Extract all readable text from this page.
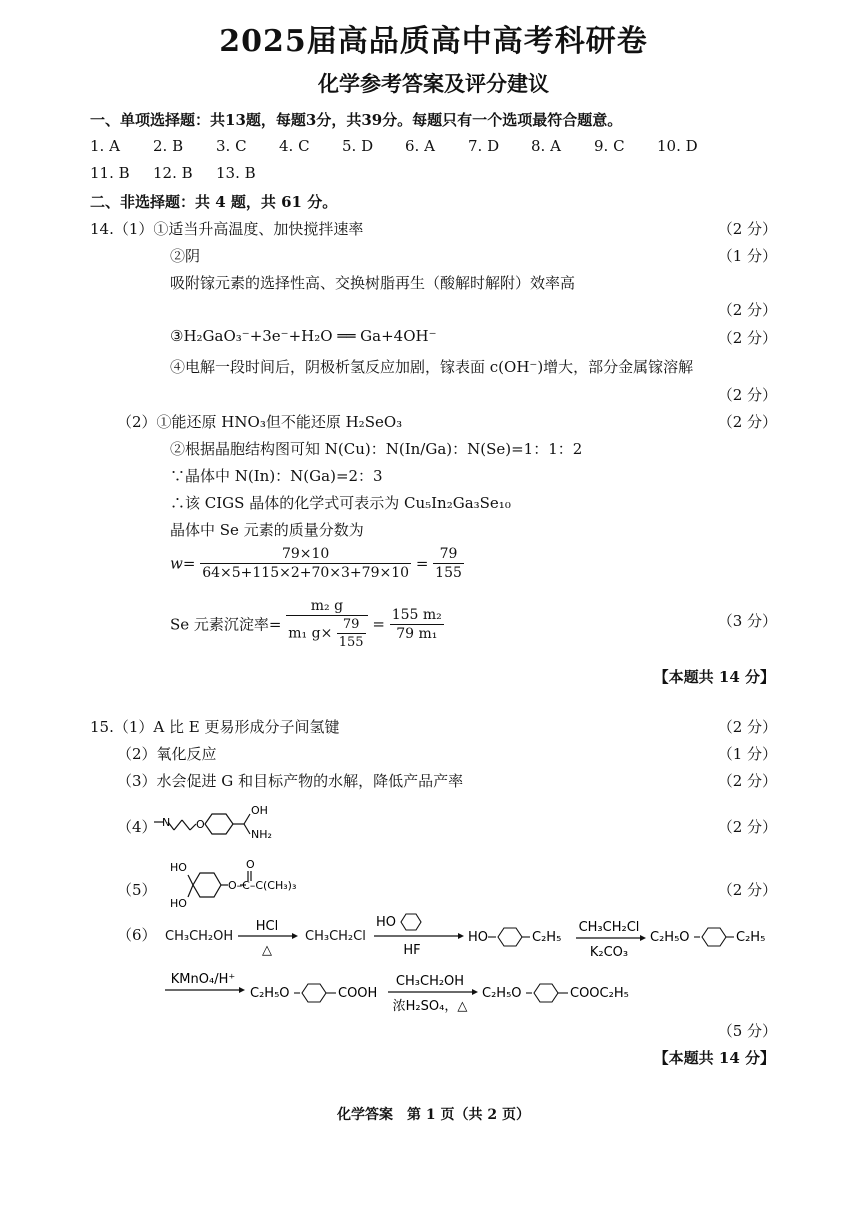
2025届高品质高中高考科研卷
化学参考答案及评分建议
一、单项选择题：共13题，每题3分，共39分。每题只有一个选项最符合题意。
1. A 2. B 3. C 4. C 5. D 6. A 7. D 8. A 9. C 10. D
11. B 12. B 13. B
二、非选择题：共 4 题，共 61 分。
14.（1）①适当升高温度、加快搅拌速率	（2 分）
②阴	（1 分）
吸附镓元素的选择性高、交换树脂再生（酸解时解附）效率高
（2 分）
③H₂GaO₃⁻+3e⁻+H₂O ══ Ga+4OH⁻	（2 分）
④电解一段时间后，阴极析氢反应加剧，镓表面 c(OH⁻)增大，部分金属镓溶解
（2 分）
（2）①能还原 HNO₃但不能还原 H₂SeO₃	（2 分）
②根据晶胞结构图可知 N(Cu)：N(In/Ga)：N(Se)=1：1：2
∵晶体中 N(In)：N(Ga)=2：3
∴该 CIGS 晶体的化学式可表示为 Cu₅In₂Ga₃Se₁₀
晶体中 Se 元素的质量分数为
$w= \frac{79\times 10}{64\times 5+115\times 2+70\times 3+79\times 10} = \frac{79}{155}$
Se 元素沉淀率= $\frac{\text{m₂ g}}{m_1 g\times \frac{79}{155}} = \frac{\text{155 m₂}}{\text{79 m₁}}$	（3 分）
【本题共 14 分】
15.（1）A 比 E 更易形成分子间氢键	（2 分）
（2）氧化反应	（1 分）
（3）水会促进 G 和目标产物的水解，降低产品产率	（2 分）
（4） N O
OH
NH₂	（2 分）
（5）
HO
HO
O
O–C–C(CH₃)₃	（2 分）
（6） CH₃CH₂OH
HCl
△
CH₃CH₂Cl
HO
HF
HO	C₂H₅
CH₃CH₂Cl
K₂CO₃
C₂H₅O	C₂H₅
KMnO₄/H⁺
C₂H₅O	COOH
CH₃CH₂OH
浓H₂SO₄，△
C₂H₅O	COOC₂H₅
（5 分）
【本题共 14 分】
化学答案　第 1 页（共 2 页）
